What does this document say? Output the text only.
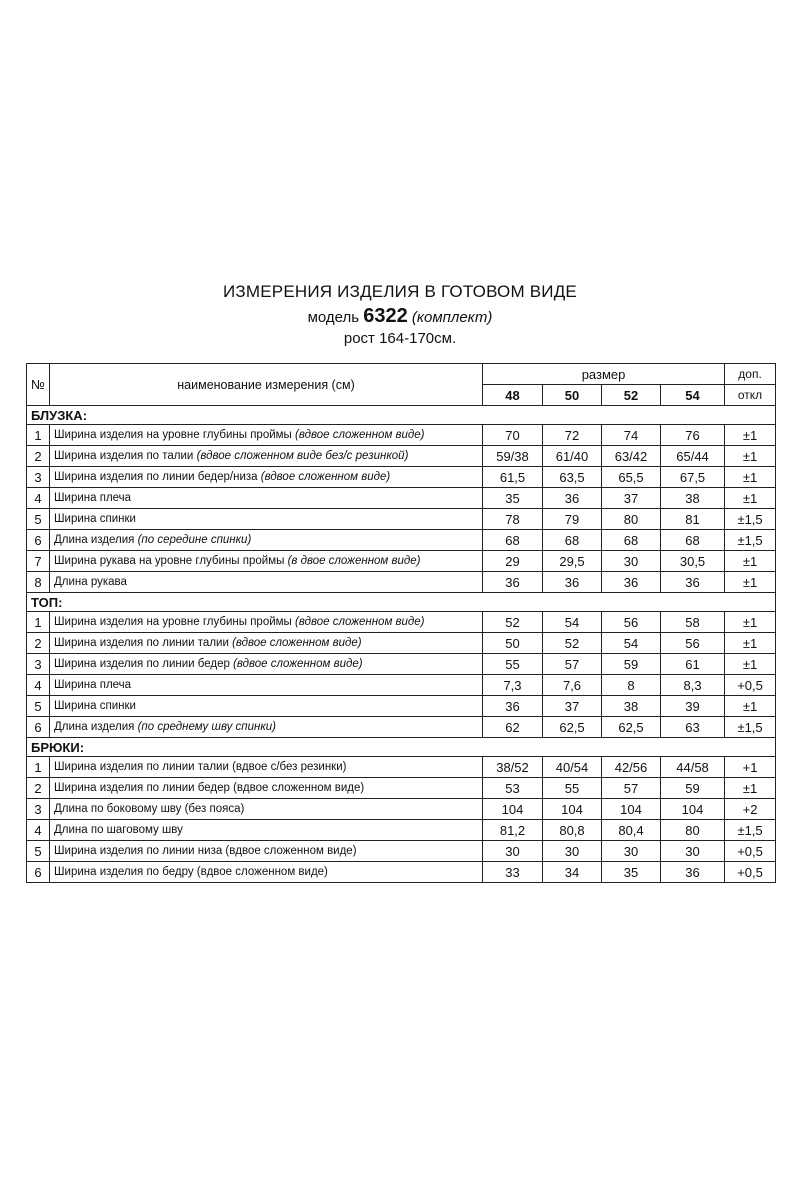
ИЗМЕРЕНИЯ ИЗДЕЛИЯ В ГОТОВОМ ВИДЕ
модель 6322 (комплект)
рост 164-170см.
№	наименование измерения (см)	размер				доп.
		48	50	52	54	откл
БЛУЗКА:						
1	Ширина изделия на уровне глубины проймы (вдвое сложенном виде)	70	72	74	76	±1
2	Ширина изделия по талии (вдвое сложенном виде без/с резинкой)	59/38	61/40	63/42	65/44	±1
3	Ширина изделия по линии бедер/низа (вдвое сложенном виде)	61,5	63,5	65,5	67,5	±1
4	Ширина плеча	35	36	37	38	±1
5	Ширина спинки	78	79	80	81	±1,5
6	Длина изделия (по середине спинки)	68	68	68	68	±1,5
7	Ширина рукава на уровне глубины проймы (в двое сложенном виде)	29	29,5	30	30,5	±1
8	Длина рукава	36	36	36	36	±1
ТОП:						
1	Ширина изделия на уровне глубины проймы (вдвое сложенном виде)	52	54	56	58	±1
2	Ширина изделия по линии талии (вдвое сложенном виде)	50	52	54	56	±1
3	Ширина изделия по линии бедер (вдвое сложенном виде)	55	57	59	61	±1
4	Ширина плеча	7,3	7,6	8	8,3	+0,5
5	Ширина спинки	36	37	38	39	±1
6	Длина изделия (по среднему шву спинки)	62	62,5	62,5	63	±1,5
БРЮКИ:						
1	Ширина изделия по линии талии (вдвое с/без резинки)	38/52	40/54	42/56	44/58	+1
2	Ширина изделия по линии бедер (вдвое сложенном виде)	53	55	57	59	±1
3	Длина по боковому шву (без пояса)	104	104	104	104	+2
4	Длина по шаговому шву	81,2	80,8	80,4	80	±1,5
5	Ширина изделия по линии низа (вдвое сложенном виде)	30	30	30	30	+0,5
6	Ширина изделия по бедру (вдвое сложенном виде)	33	34	35	36	+0,5
